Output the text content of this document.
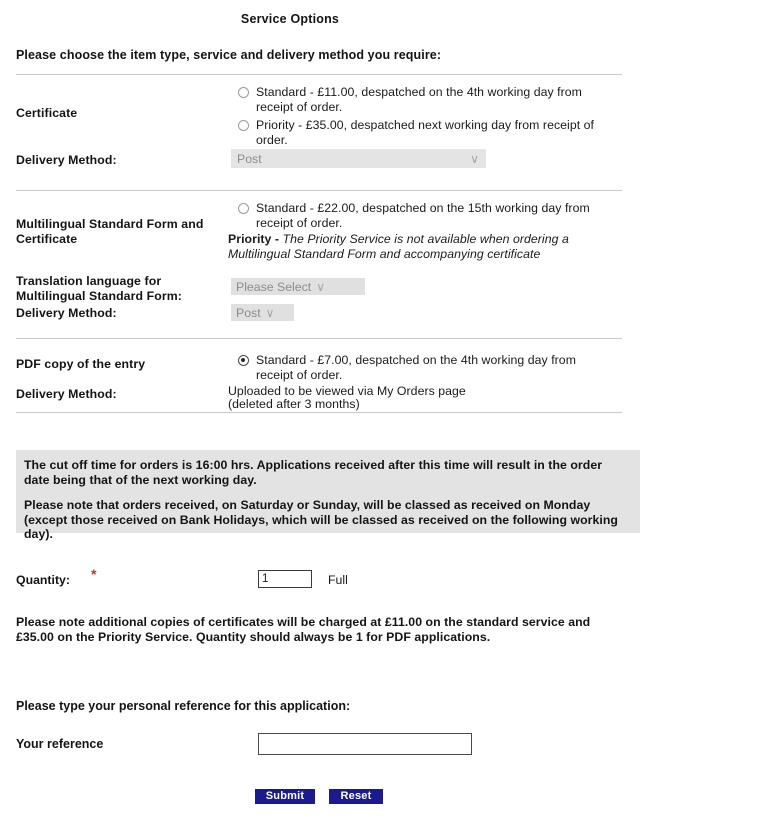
Service Options
Please choose the item type, service and delivery method you require:
Certificate
Standard - £11.00, despatched on the 4th working day from receipt of order.
Priority - £35.00, despatched next working day from receipt of order.
Delivery Method:	Post	∨
Multilingual Standard Form and Certificate
Standard - £22.00, despatched on the 15th working day from receipt of order.
Priority - The Priority Service is not available when ordering a Multilingual Standard Form and accompanying certificate
Translation language for Multilingual Standard Form:
Please Select ∨
Delivery Method:	Post ∨
PDF copy of the entry	Standard - £7.00, despatched on the 4th working day from receipt of order.
Delivery Method:	Uploaded to be viewed via My Orders page
(deleted after 3 months)

The cut off time for orders is 16:00 hrs. Applications received after this time will result in the order date being that of the next working day.

Please note that orders received, on Saturday or Sunday, will be classed as received on Monday (except those received on Bank Holidays, which will be classed as received on the following working day).

Quantity: *
1	Full
Please note additional copies of certificates will be charged at £11.00 on the standard service and £35.00 on the Priority Service. Quantity should always be 1 for PDF applications.
Please type your personal reference for this application:
Your reference
Submit	Reset
